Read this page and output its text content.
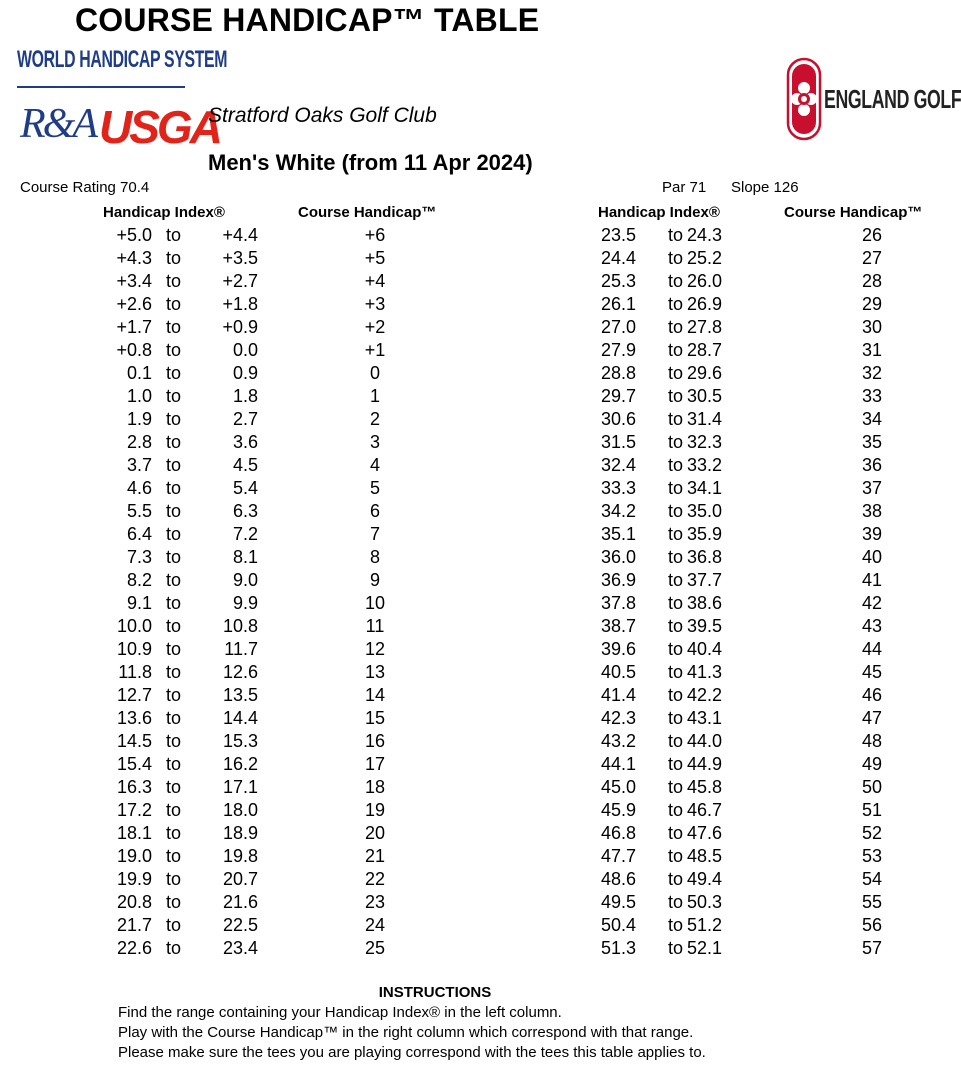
COURSE HANDICAP™ TABLE
WORLD HANDICAP SYSTEM
R&A USGA
Stratford Oaks Golf Club
Men's White (from 11 Apr 2024)
ENGLAND GOLF
Course Rating 70.4	Par 71 Slope 126
Handicap Index®	Course Handicap™	Handicap Index®	Course Handicap™
+5.0 to +4.4	+6
+4.3 to +3.5	+5
+3.4 to +2.7	+4
+2.6 to +1.8	+3
+1.7 to +0.9	+2
+0.8 to	0.0	+1
0.1 to	0.9	0
1.0 to	1.8	1
1.9 to	2.7	2
2.8 to	3.6	3
3.7 to	4.5	4
4.6 to	5.4	5
5.5 to	6.3	6
6.4 to	7.2	7
7.3 to	8.1	8
8.2 to	9.0	9
9.1 to	9.9	10
10.0 to 10.8	11
10.9 to 11.7	12
11.8 to 12.6	13
12.7 to 13.5	14
13.6 to 14.4	15
14.5 to 15.3	16
15.4 to 16.2	17
16.3 to 17.1	18
17.2 to 18.0	19
18.1 to 18.9	20
19.0 to 19.8	21
19.9 to 20.7	22
20.8 to 21.6	23
21.7 to 22.5	24
22.6 to 23.4	25
23.5 to 24.3	26
24.4 to 25.2	27
25.3 to 26.0	28
26.1 to 26.9	29
27.0 to 27.8	30
27.9 to 28.7	31
28.8 to 29.6	32
29.7 to 30.5	33
30.6 to 31.4	34
31.5 to 32.3	35
32.4 to 33.2	36
33.3 to 34.1	37
34.2 to 35.0	38
35.1 to 35.9	39
36.0 to 36.8	40
36.9 to 37.7	41
37.8 to 38.6	42
38.7 to 39.5	43
39.6 to 40.4	44
40.5 to 41.3	45
41.4 to 42.2	46
42.3 to 43.1	47
43.2 to 44.0	48
44.1 to 44.9	49
45.0 to 45.8	50
45.9 to 46.7	51
46.8 to 47.6	52
47.7 to 48.5	53
48.6 to 49.4	54
49.5 to 50.3	55
50.4 to 51.2	56
51.3 to 52.1	57
INSTRUCTIONS
Find the range containing your Handicap Index® in the left column.
Play with the Course Handicap™ in the right column which correspond with that range.
Please make sure the tees you are playing correspond with the tees this table applies to.
